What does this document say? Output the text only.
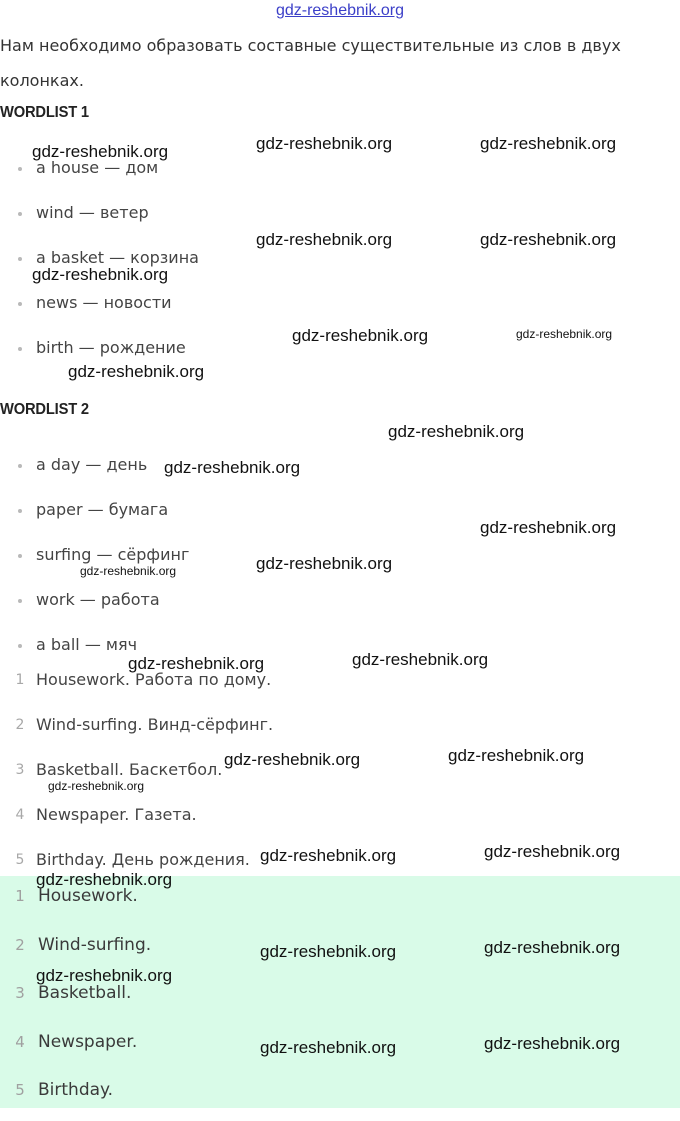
gdz-reshebnik.org

Нам необходимо образовать составные существительные из слов в двух колонках.

WORDLIST 1
a house — дом
wind — ветер
a basket — корзина
news — новости
birth — рождение
WORDLIST 2
a day — день
paper — бумага
surfing — сёрфинг
work — работа
a ball — мяч
1 Housework. Работа по дому.
2 Wind-surfing. Винд-сёрфинг.
3 Basketball. Баскетбол.
4 Newspaper. Газета.
5 Birthday. День рождения.
1 Housework.
2 Wind-surfing.
3 Basketball.
4 Newspaper.
5 Birthday.
gdz-reshebnik.org	gdz-reshebnik.org	gdz-reshebnik.org
gdz-reshebnik.org	gdz-reshebnik.org
gdz-reshebnik.org
gdz-reshebnik.org	gdz-reshebnik.org
gdz-reshebnik.org
gdz-reshebnik.org
gdz-reshebnik.org
gdz-reshebnik.org
gdz-reshebnik.org
gdz-reshebnik.org
gdz-reshebnik.org
gdz-reshebnik.org
gdz-reshebnik.org
gdz-reshebnik.org
gdz-reshebnik.org
gdz-reshebnik.org
gdz-reshebnik.org
gdz-reshebnik.org
gdz-reshebnik.org
gdz-reshebnik.org
gdz-reshebnik.org
gdz-reshebnik.org
gdz-reshebnik.org
